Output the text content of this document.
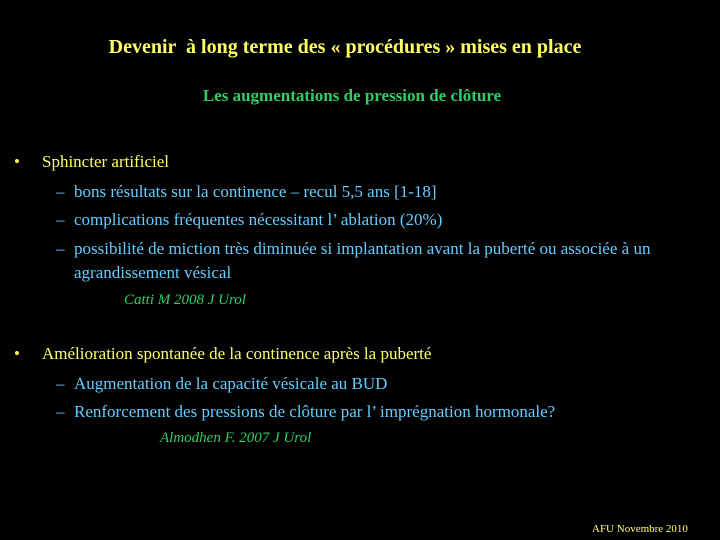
Devenir  à long terme des « procédures » mises en place
Les augmentations de pression de clôture
• Sphincter artificiel
– bons résultats sur la continence – recul 5,5 ans [1-18]
– complications fréquentes nécessitant l’ ablation (20%)
– possibilité de miction très diminuée si implantation avant la puberté ou associée à un agrandissement vésical
Catti M 2008 J Urol
• Amélioration spontanée de la continence après la puberté
– Augmentation de la capacité vésicale au BUD
– Renforcement des pressions de clôture par l’ imprégnation hormonale?
Almodhen F. 2007 J Urol
AFU Novembre 2010
